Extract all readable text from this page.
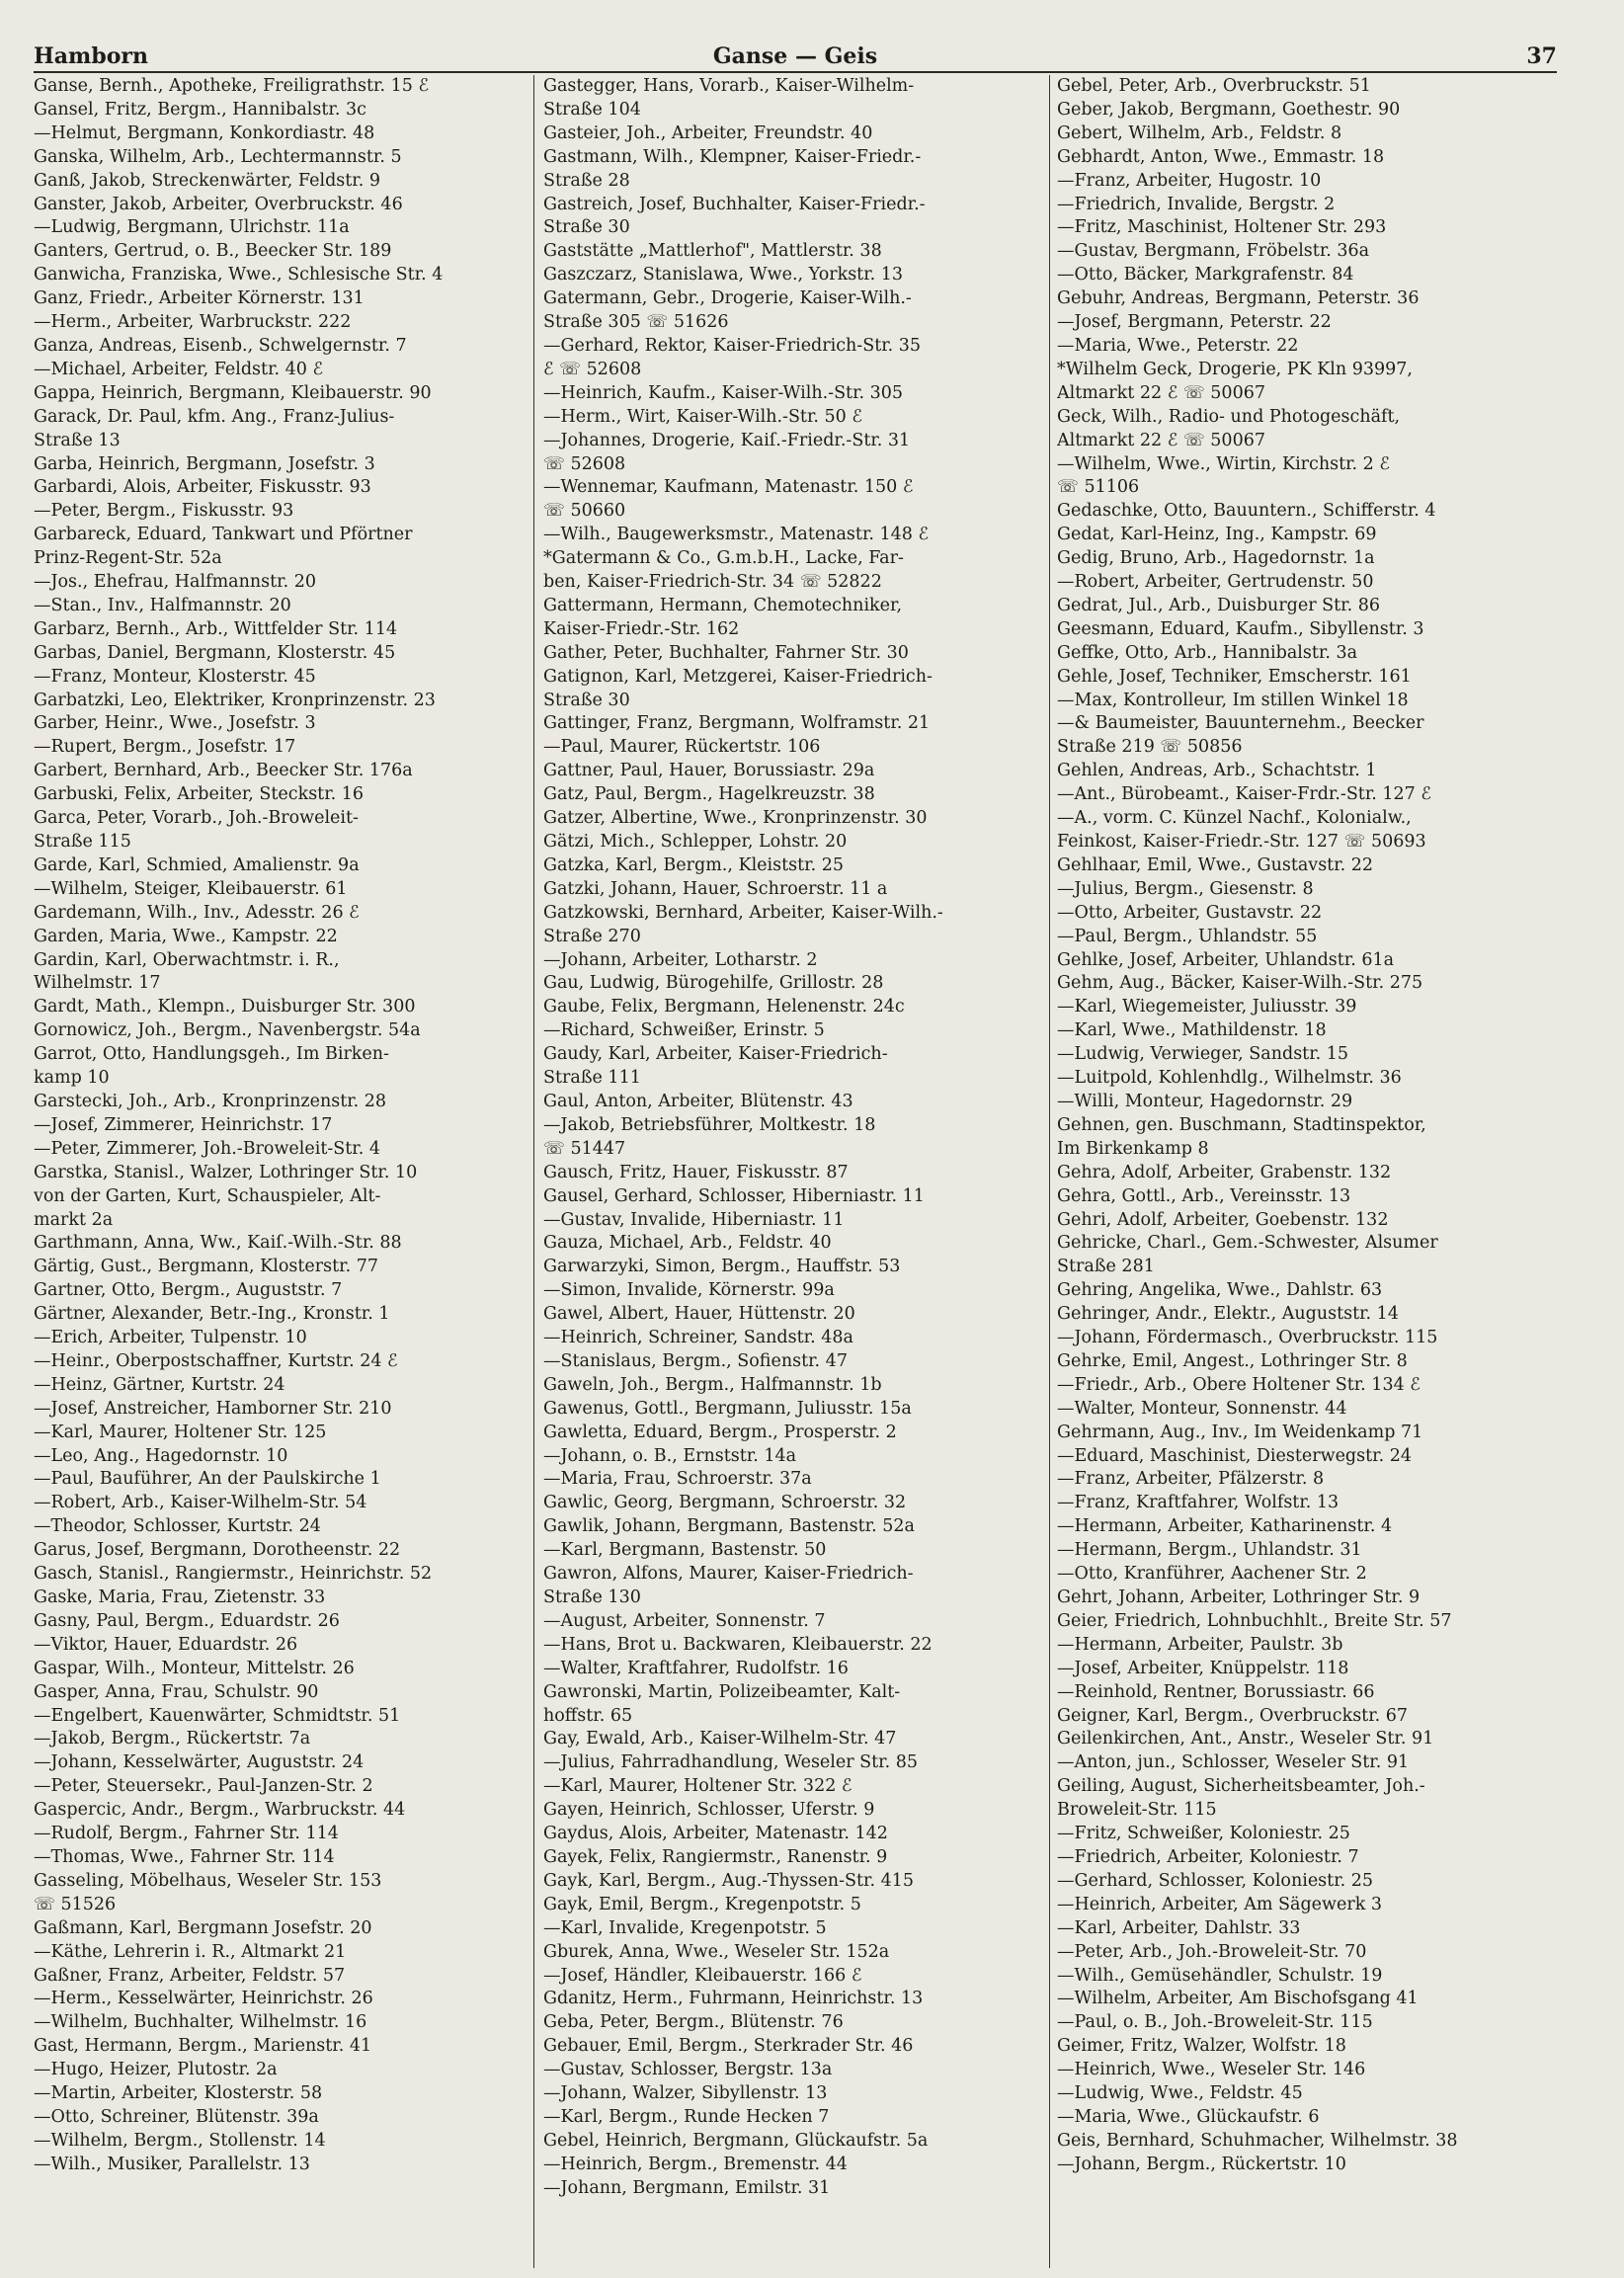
Hamborn	Ganse — Geis	37
Ganse, Bernh., Apotheke, Freiligrathstr. 15 ℰ
Gansel, Fritz, Bergm., Hannibalstr. 3c
—Helmut, Bergmann, Konkordiastr. 48
Ganska, Wilhelm, Arb., Lechtermannstr. 5
Ganß, Jakob, Streckenwärter, Feldstr. 9
Ganster, Jakob, Arbeiter, Overbruckstr. 46
—Ludwig, Bergmann, Ulrichstr. 11a
Ganters, Gertrud, o. B., Beecker Str. 189
Ganwicha, Franziska, Wwe., Schlesische Str. 4
Ganz, Friedr., Arbeiter Körnerstr. 131
—Herm., Arbeiter, Warbruckstr. 222
Ganza, Andreas, Eisenb., Schwelgernstr. 7
—Michael, Arbeiter, Feldstr. 40 ℰ
Gappa, Heinrich, Bergmann, Kleibauerstr. 90
Garack, Dr. Paul, kfm. Ang., Franz-Julius-
Straße 13
Garba, Heinrich, Bergmann, Josefstr. 3
Garbardi, Alois, Arbeiter, Fiskusstr. 93
—Peter, Bergm., Fiskusstr. 93
Garbareck, Eduard, Tankwart und Pförtner
Prinz-Regent-Str. 52a
—Jos., Ehefrau, Halfmannstr. 20
—Stan., Inv., Halfmannstr. 20
Garbarz, Bernh., Arb., Wittfelder Str. 114
Garbas, Daniel, Bergmann, Klosterstr. 45
—Franz, Monteur, Klosterstr. 45
Garbatzki, Leo, Elektriker, Kronprinzenstr. 23
Garber, Heinr., Wwe., Josefstr. 3
—Rupert, Bergm., Josefstr. 17
Garbert, Bernhard, Arb., Beecker Str. 176a
Garbuski, Felix, Arbeiter, Steckstr. 16
Garca, Peter, Vorarb., Joh.-Broweleit-
Straße 115
Garde, Karl, Schmied, Amalienstr. 9a
—Wilhelm, Steiger, Kleibauerstr. 61
Gardemann, Wilh., Inv., Adesstr. 26 ℰ
Garden, Maria, Wwe., Kampstr. 22
Gardin, Karl, Oberwachtmstr. i. R.,
Wilhelmstr. 17
Gardt, Math., Klempn., Duisburger Str. 300
Gornowicz, Joh., Bergm., Navenbergstr. 54a
Garrot, Otto, Handlungsgeh., Im Birken-
kamp 10
Garstecki, Joh., Arb., Kronprinzenstr. 28
—Josef, Zimmerer, Heinrichstr. 17
—Peter, Zimmerer, Joh.-Broweleit-Str. 4
Garstka, Stanisl., Walzer, Lothringer Str. 10
von der Garten, Kurt, Schauspieler, Alt-
markt 2a
Garthmann, Anna, Ww., Kaiſ.-Wilh.-Str. 88
Gärtig, Gust., Bergmann, Klosterstr. 77
Gartner, Otto, Bergm., Auguststr. 7
Gärtner, Alexander, Betr.-Ing., Kronstr. 1
—Erich, Arbeiter, Tulpenstr. 10
—Heinr., Oberpostschaffner, Kurtstr. 24 ℰ
—Heinz, Gärtner, Kurtstr. 24
—Josef, Anstreicher, Hamborner Str. 210
—Karl, Maurer, Holtener Str. 125
—Leo, Ang., Hagedornstr. 10
—Paul, Bauführer, An der Paulskirche 1
—Robert, Arb., Kaiser-Wilhelm-Str. 54
—Theodor, Schlosser, Kurtstr. 24
Garus, Josef, Bergmann, Dorotheenstr. 22
Gasch, Stanisl., Rangiermstr., Heinrichstr. 52
Gaske, Maria, Frau, Zietenstr. 33
Gasny, Paul, Bergm., Eduardstr. 26
—Viktor, Hauer, Eduardstr. 26
Gaspar, Wilh., Monteur, Mittelstr. 26
Gasper, Anna, Frau, Schulstr. 90
—Engelbert, Kauenwärter, Schmidtstr. 51
—Jakob, Bergm., Rückertstr. 7a
—Johann, Kesselwärter, Auguststr. 24
—Peter, Steuersekr., Paul-Janzen-Str. 2
Gaspercic, Andr., Bergm., Warbruckstr. 44
—Rudolf, Bergm., Fahrner Str. 114
—Thomas, Wwe., Fahrner Str. 114
Gasseling, Möbelhaus, Weseler Str. 153
☏ 51526
Gaßmann, Karl, Bergmann Josefstr. 20
—Käthe, Lehrerin i. R., Altmarkt 21
Gaßner, Franz, Arbeiter, Feldstr. 57
—Herm., Kesselwärter, Heinrichstr. 26
—Wilhelm, Buchhalter, Wilhelmstr. 16
Gast, Hermann, Bergm., Marienstr. 41
—Hugo, Heizer, Plutostr. 2a
—Martin, Arbeiter, Klosterstr. 58
—Otto, Schreiner, Blütenstr. 39a
—Wilhelm, Bergm., Stollenstr. 14
—Wilh., Musiker, Parallelstr. 13
Gastegger, Hans, Vorarb., Kaiser-Wilhelm-
Straße 104
Gasteier, Joh., Arbeiter, Freundstr. 40
Gastmann, Wilh., Klempner, Kaiser-Friedr.-
Straße 28
Gastreich, Josef, Buchhalter, Kaiser-Friedr.-
Straße 30
Gaststätte „Mattlerhof", Mattlerstr. 38
Gaszczarz, Stanislawa, Wwe., Yorkstr. 13
Gatermann, Gebr., Drogerie, Kaiser-Wilh.-
Straße 305 ☏ 51626
—Gerhard, Rektor, Kaiser-Friedrich-Str. 35
ℰ ☏ 52608
—Heinrich, Kaufm., Kaiser-Wilh.-Str. 305
—Herm., Wirt, Kaiser-Wilh.-Str. 50 ℰ
—Johannes, Drogerie, Kaiſ.-Friedr.-Str. 31
☏ 52608
—Wennemar, Kaufmann, Matenastr. 150 ℰ
☏ 50660
—Wilh., Baugewerksmstr., Matenastr. 148 ℰ
*Gatermann & Co., G.m.b.H., Lacke, Far-
ben, Kaiser-Friedrich-Str. 34 ☏ 52822
Gattermann, Hermann, Chemotechniker,
Kaiser-Friedr.-Str. 162
Gather, Peter, Buchhalter, Fahrner Str. 30
Gatignon, Karl, Metzgerei, Kaiser-Friedrich-
Straße 30
Gattinger, Franz, Bergmann, Wolframstr. 21
—Paul, Maurer, Rückertstr. 106
Gattner, Paul, Hauer, Borussiastr. 29a
Gatz, Paul, Bergm., Hagelkreuzstr. 38
Gatzer, Albertine, Wwe., Kronprinzenstr. 30
Gätzi, Mich., Schlepper, Lohstr. 20
Gatzka, Karl, Bergm., Kleiststr. 25
Gatzki, Johann, Hauer, Schroerstr. 11 a
Gatzkowski, Bernhard, Arbeiter, Kaiser-Wilh.-
Straße 270
—Johann, Arbeiter, Lotharstr. 2
Gau, Ludwig, Bürogehilfe, Grillostr. 28
Gaube, Felix, Bergmann, Helenenstr. 24c
—Richard, Schweißer, Erinstr. 5
Gaudy, Karl, Arbeiter, Kaiser-Friedrich-
Straße 111
Gaul, Anton, Arbeiter, Blütenstr. 43
—Jakob, Betriebsführer, Moltkestr. 18
☏ 51447
Gausch, Fritz, Hauer, Fiskusstr. 87
Gausel, Gerhard, Schlosser, Hiberniastr. 11
—Gustav, Invalide, Hiberniastr. 11
Gauza, Michael, Arb., Feldstr. 40
Garwarzyki, Simon, Bergm., Hauffstr. 53
—Simon, Invalide, Körnerstr. 99a
Gawel, Albert, Hauer, Hüttenstr. 20
—Heinrich, Schreiner, Sandstr. 48a
—Stanislaus, Bergm., Sofienstr. 47
Gaweln, Joh., Bergm., Halfmannstr. 1b
Gawenus, Gottl., Bergmann, Juliusstr. 15a
Gawletta, Eduard, Bergm., Prosperstr. 2
—Johann, o. B., Ernststr. 14a
—Maria, Frau, Schroerstr. 37a
Gawlic, Georg, Bergmann, Schroerstr. 32
Gawlik, Johann, Bergmann, Bastenstr. 52a
—Karl, Bergmann, Bastenstr. 50
Gawron, Alfons, Maurer, Kaiser-Friedrich-
Straße 130
—August, Arbeiter, Sonnenstr. 7
—Hans, Brot u. Backwaren, Kleibauerstr. 22
—Walter, Kraftfahrer, Rudolfstr. 16
Gawronski, Martin, Polizeibeamter, Kalt-
hoffstr. 65
Gay, Ewald, Arb., Kaiser-Wilhelm-Str. 47
—Julius, Fahrradhandlung, Weseler Str. 85
—Karl, Maurer, Holtener Str. 322 ℰ
Gayen, Heinrich, Schlosser, Uferstr. 9
Gaydus, Alois, Arbeiter, Matenastr. 142
Gayek, Felix, Rangiermstr., Ranenstr. 9
Gayk, Karl, Bergm., Aug.-Thyssen-Str. 415
Gayk, Emil, Bergm., Kregenpotstr. 5
—Karl, Invalide, Kregenpotstr. 5
Gburek, Anna, Wwe., Weseler Str. 152a
—Josef, Händler, Kleibauerstr. 166 ℰ
Gdanitz, Herm., Fuhrmann, Heinrichstr. 13
Geba, Peter, Bergm., Blütenstr. 76
Gebauer, Emil, Bergm., Sterkrader Str. 46
—Gustav, Schlosser, Bergstr. 13a
—Johann, Walzer, Sibyllenstr. 13
—Karl, Bergm., Runde Hecken 7
Gebel, Heinrich, Bergmann, Glückaufstr. 5a
—Heinrich, Bergm., Bremenstr. 44
—Johann, Bergmann, Emilstr. 31
Gebel, Peter, Arb., Overbruckstr. 51
Geber, Jakob, Bergmann, Goethestr. 90
Gebert, Wilhelm, Arb., Feldstr. 8
Gebhardt, Anton, Wwe., Emmastr. 18
—Franz, Arbeiter, Hugostr. 10
—Friedrich, Invalide, Bergstr. 2
—Fritz, Maschinist, Holtener Str. 293
—Gustav, Bergmann, Fröbelstr. 36a
—Otto, Bäcker, Markgrafenstr. 84
Gebuhr, Andreas, Bergmann, Peterstr. 36
—Josef, Bergmann, Peterstr. 22
—Maria, Wwe., Peterstr. 22
*Wilhelm Geck, Drogerie, PK Kln 93997,
Altmarkt 22 ℰ ☏ 50067
Geck, Wilh., Radio- und Photogeschäft,
Altmarkt 22 ℰ ☏ 50067
—Wilhelm, Wwe., Wirtin, Kirchstr. 2 ℰ
☏ 51106
Gedaschke, Otto, Bauuntern., Schifferstr. 4
Gedat, Karl-Heinz, Ing., Kampstr. 69
Gedig, Bruno, Arb., Hagedornstr. 1a
—Robert, Arbeiter, Gertrudenstr. 50
Gedrat, Jul., Arb., Duisburger Str. 86
Geesmann, Eduard, Kaufm., Sibyllenstr. 3
Geffke, Otto, Arb., Hannibalstr. 3a
Gehle, Josef, Techniker, Emscherstr. 161
—Max, Kontrolleur, Im stillen Winkel 18
—& Baumeister, Bauunternehm., Beecker
Straße 219 ☏ 50856
Gehlen, Andreas, Arb., Schachtstr. 1
—Ant., Bürobeamt., Kaiser-Frdr.-Str. 127 ℰ
—A., vorm. C. Künzel Nachf., Kolonialw.,
Feinkost, Kaiser-Friedr.-Str. 127 ☏ 50693
Gehlhaar, Emil, Wwe., Gustavstr. 22
—Julius, Bergm., Giesenstr. 8
—Otto, Arbeiter, Gustavstr. 22
—Paul, Bergm., Uhlandstr. 55
Gehlke, Josef, Arbeiter, Uhlandstr. 61a
Gehm, Aug., Bäcker, Kaiser-Wilh.-Str. 275
—Karl, Wiegemeister, Juliusstr. 39
—Karl, Wwe., Mathildenstr. 18
—Ludwig, Verwieger, Sandstr. 15
—Luitpold, Kohlenhdlg., Wilhelmstr. 36
—Willi, Monteur, Hagedornstr. 29
Gehnen, gen. Buschmann, Stadtinspektor,
Im Birkenkamp 8
Gehra, Adolf, Arbeiter, Grabenstr. 132
Gehra, Gottl., Arb., Vereinsstr. 13
Gehri, Adolf, Arbeiter, Goebenstr. 132
Gehricke, Charl., Gem.-Schwester, Alsumer
Straße 281
Gehring, Angelika, Wwe., Dahlstr. 63
Gehringer, Andr., Elektr., Auguststr. 14
—Johann, Fördermasch., Overbruckstr. 115
Gehrke, Emil, Angest., Lothringer Str. 8
—Friedr., Arb., Obere Holtener Str. 134 ℰ
—Walter, Monteur, Sonnenstr. 44
Gehrmann, Aug., Inv., Im Weidenkamp 71
—Eduard, Maschinist, Diesterwegstr. 24
—Franz, Arbeiter, Pfälzerstr. 8
—Franz, Kraftfahrer, Wolfstr. 13
—Hermann, Arbeiter, Katharinenstr. 4
—Hermann, Bergm., Uhlandstr. 31
—Otto, Kranführer, Aachener Str. 2
Gehrt, Johann, Arbeiter, Lothringer Str. 9
Geier, Friedrich, Lohnbuchhlt., Breite Str. 57
—Hermann, Arbeiter, Paulstr. 3b
—Josef, Arbeiter, Knüppelstr. 118
—Reinhold, Rentner, Borussiastr. 66
Geigner, Karl, Bergm., Overbruckstr. 67
Geilenkirchen, Ant., Anstr., Weseler Str. 91
—Anton, jun., Schlosser, Weseler Str. 91
Geiling, August, Sicherheitsbeamter, Joh.-
Broweleit-Str. 115
—Fritz, Schweißer, Koloniestr. 25
—Friedrich, Arbeiter, Koloniestr. 7
—Gerhard, Schlosser, Koloniestr. 25
—Heinrich, Arbeiter, Am Sägewerk 3
—Karl, Arbeiter, Dahlstr. 33
—Peter, Arb., Joh.-Broweleit-Str. 70
—Wilh., Gemüsehändler, Schulstr. 19
—Wilhelm, Arbeiter, Am Bischofsgang 41
—Paul, o. B., Joh.-Broweleit-Str. 115
Geimer, Fritz, Walzer, Wolfstr. 18
—Heinrich, Wwe., Weseler Str. 146
—Ludwig, Wwe., Feldstr. 45
—Maria, Wwe., Glückaufstr. 6
Geis, Bernhard, Schuhmacher, Wilhelmstr. 38
—Johann, Bergm., Rückertstr. 10
